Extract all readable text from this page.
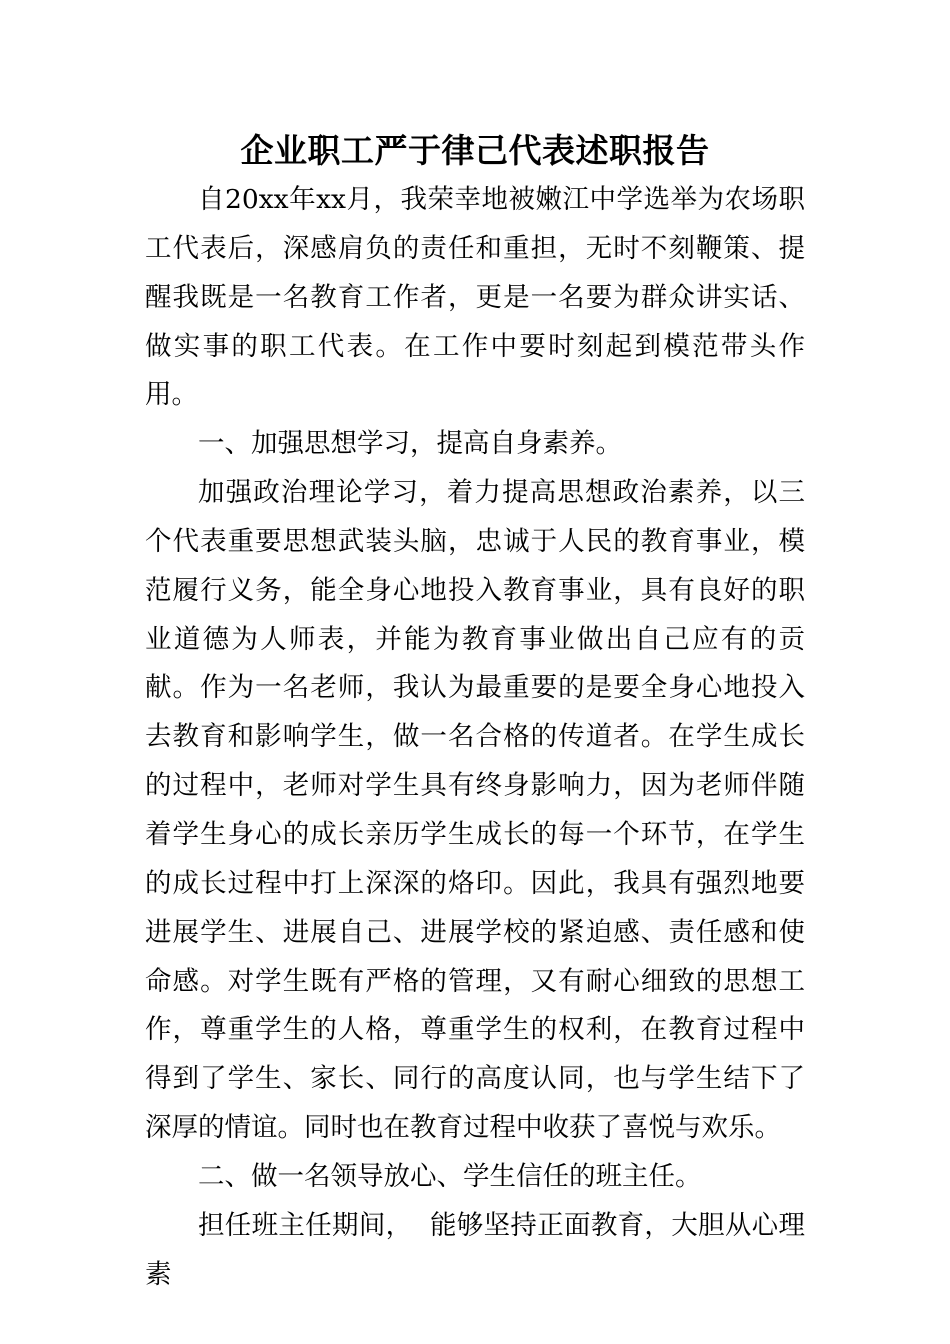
企业职工严于律己代表述职报告

自20xx年xx月，我荣幸地被嫩江中学选举为农场职工代表后，深感肩负的责任和重担，无时不刻鞭策、提醒我既是一名教育工作者，更是一名要为群众讲实话、做实事的职工代表。在工作中要时刻起到模范带头作用。

一、加强思想学习，提高自身素养。

加强政治理论学习，着力提高思想政治素养，以三个代表重要思想武装头脑，忠诚于人民的教育事业，模范履行义务，能全身心地投入教育事业，具有良好的职业道德为人师表，并能为教育事业做出自己应有的贡献。作为一名老师，我认为最重要的是要全身心地投入去教育和影响学生，做一名合格的传道者。在学生成长的过程中，老师对学生具有终身影响力，因为老师伴随着学生身心的成长亲历学生成长的每一个环节，在学生的成长过程中打上深深的烙印。因此，我具有强烈地要进展学生、进展自己、进展学校的紧迫感、责任感和使命感。对学生既有严格的管理，又有耐心细致的思想工作，尊重学生的人格，尊重学生的权利，在教育过程中得到了学生、家长、同行的高度认同，也与学生结下了深厚的情谊。同时也在教育过程中收获了喜悦与欢乐。

二、做一名领导放心、学生信任的班主任。

担任班主任期间，  能够坚持正面教育，大胆从心理素
